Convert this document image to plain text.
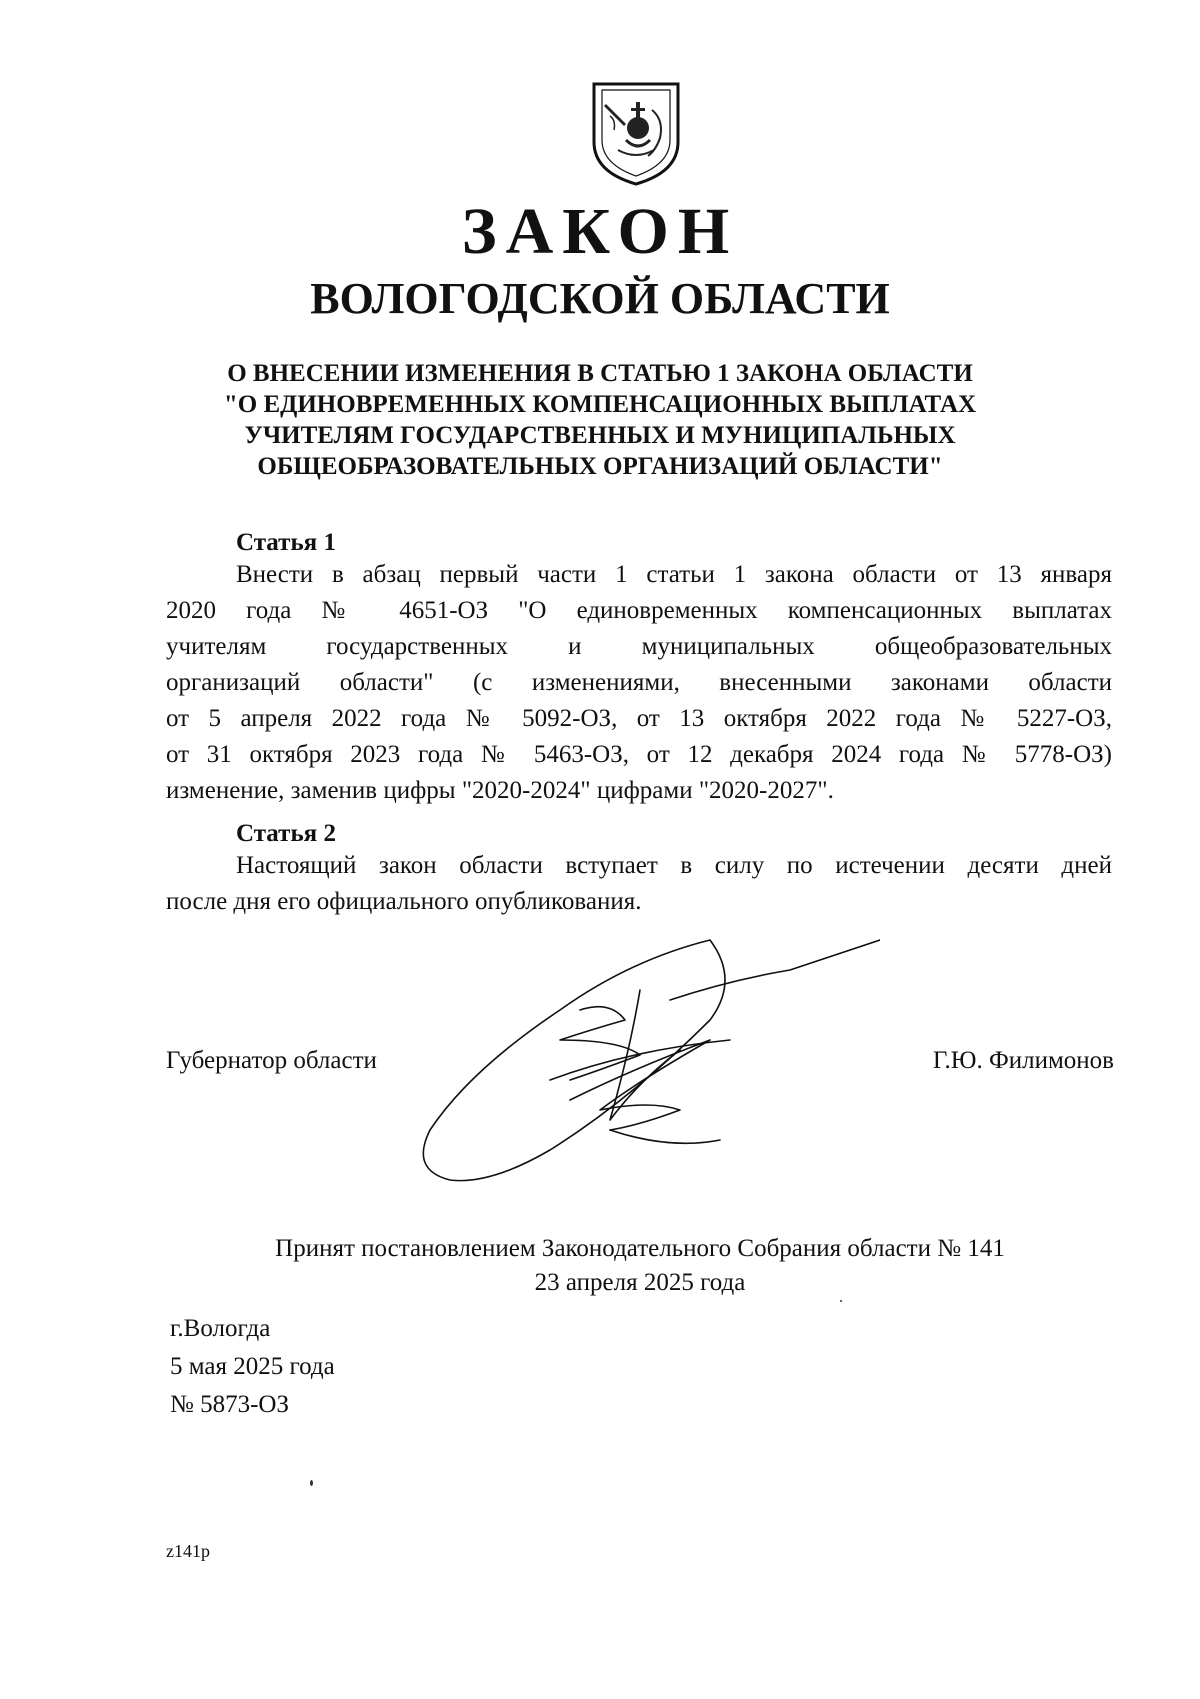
ЗАКОН
ВОЛОГОДСКОЙ ОБЛАСТИ
О ВНЕСЕНИИ ИЗМЕНЕНИЯ В СТАТЬЮ 1 ЗАКОНА ОБЛАСТИ
"О ЕДИНОВРЕМЕННЫХ КОМПЕНСАЦИОННЫХ ВЫПЛАТАХ
УЧИТЕЛЯМ ГОСУДАРСТВЕННЫХ И МУНИЦИПАЛЬНЫХ
ОБЩЕОБРАЗОВАТЕЛЬНЫХ ОРГАНИЗАЦИЙ ОБЛАСТИ"
Статья 1
Внести в абзац первый части 1 статьи 1 закона области от 13 января
2020 года № 4651-ОЗ "О единовременных компенсационных выплатах
учителям государственных и муниципальных общеобразовательных
организаций области" (с изменениями, внесенными законами области
от 5 апреля 2022 года № 5092-ОЗ, от 13 октября 2022 года № 5227-ОЗ,
от 31 октября 2023 года № 5463-ОЗ, от 12 декабря 2024 года № 5778-ОЗ)
изменение, заменив цифры "2020-2024" цифрами "2020-2027".
Статья 2
Настоящий закон области вступает в силу по истечении десяти дней
после дня его официального опубликования.
Губернатор области	Г.Ю. Филимонов
Принят постановлением Законодательного Собрания области № 141
23 апреля 2025 года
г.Вологда
5 мая 2025 года
№ 5873-ОЗ
z141p
